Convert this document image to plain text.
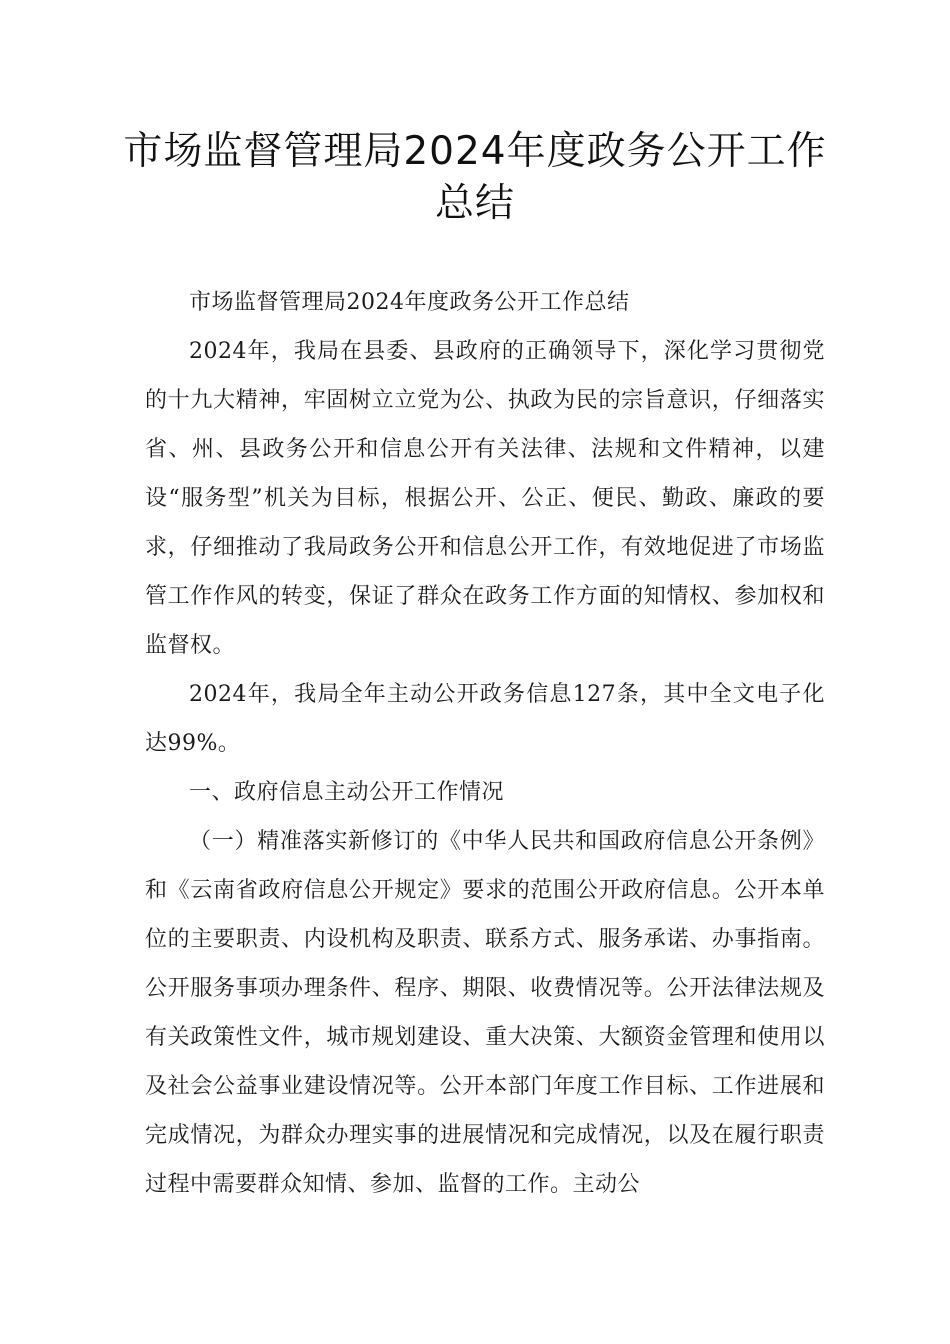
市场监督管理局2024年度政务公开工作总结

市场监督管理局2024年度政务公开工作总结

2024年，我局在县委、县政府的正确领导下，深化学习贯彻党的十九大精神，牢固树立立党为公、执政为民的宗旨意识，仔细落实省、州、县政务公开和信息公开有关法律、法规和文件精神，以建设“服务型”机关为目标，根据公开、公正、便民、勤政、廉政的要求，仔细推动了我局政务公开和信息公开工作，有效地促进了市场监管工作作风的转变，保证了群众在政务工作方面的知情权、参加权和监督权。

2024年，我局全年主动公开政务信息127条，其中全文电子化达99%。

一、政府信息主动公开工作情况

（一）精准落实新修订的《中华人民共和国政府信息公开条例》和《云南省政府信息公开规定》要求的范围公开政府信息。公开本单位的主要职责、内设机构及职责、联系方式、服务承诺、办事指南。公开服务事项办理条件、程序、期限、收费情况等。公开法律法规及有关政策性文件，城市规划建设、重大决策、大额资金管理和使用以及社会公益事业建设情况等。公开本部门年度工作目标、工作进展和完成情况，为群众办理实事的进展情况和完成情况，以及在履行职责过程中需要群众知情、参加、监督的工作。主动公
